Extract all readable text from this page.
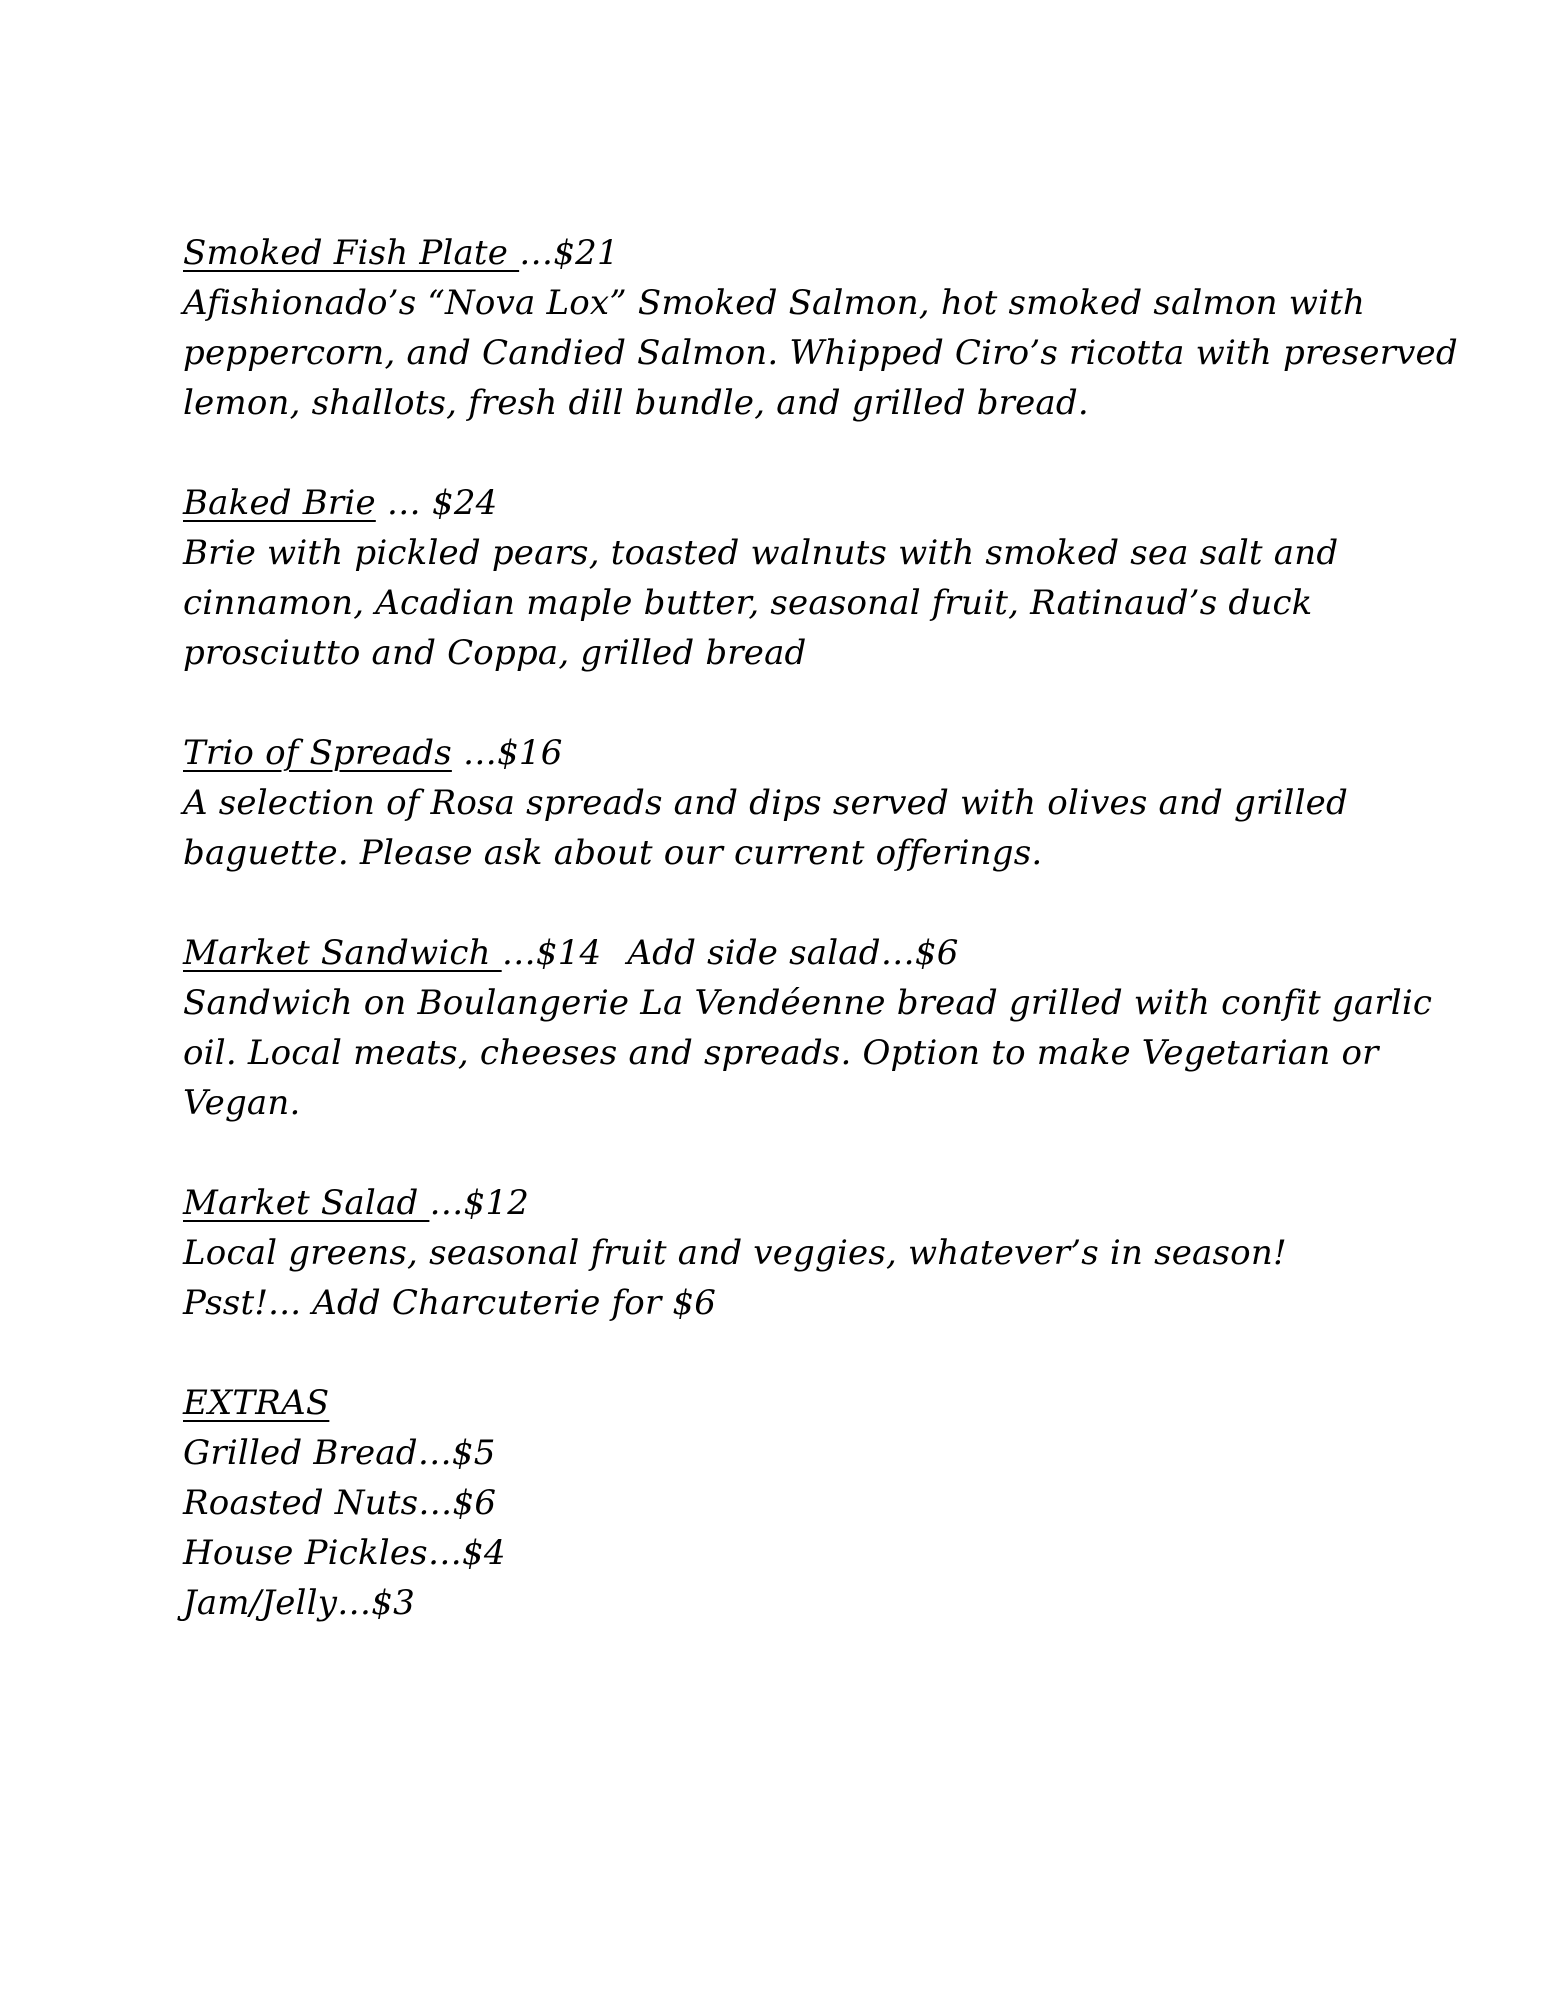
Smoked Fish Plate …$21
Afishionado’s “Nova Lox” Smoked Salmon, hot smoked salmon with
peppercorn, and Candied Salmon. Whipped Ciro’s ricotta with preserved
lemon, shallots, fresh dill bundle, and grilled bread.
Baked Brie … $24
Brie with pickled pears, toasted walnuts with smoked sea salt and
cinnamon, Acadian maple butter, seasonal fruit, Ratinaud’s duck
prosciutto and Coppa, grilled bread
Trio of Spreads …$16
A selection of Rosa spreads and dips served with olives and grilled
baguette. Please ask about our current offerings.
Market Sandwich …$14 Add side salad…$6
Sandwich on Boulangerie La Vendéenne bread grilled with confit garlic
oil. Local meats, cheeses and spreads. Option to make Vegetarian or
Vegan.
Market Salad …$12
Local greens, seasonal fruit and veggies, whatever’s in season!
Psst!... Add Charcuterie for $6
EXTRAS
Grilled Bread…$5
Roasted Nuts…$6
House Pickles…$4
Jam/Jelly…$3
